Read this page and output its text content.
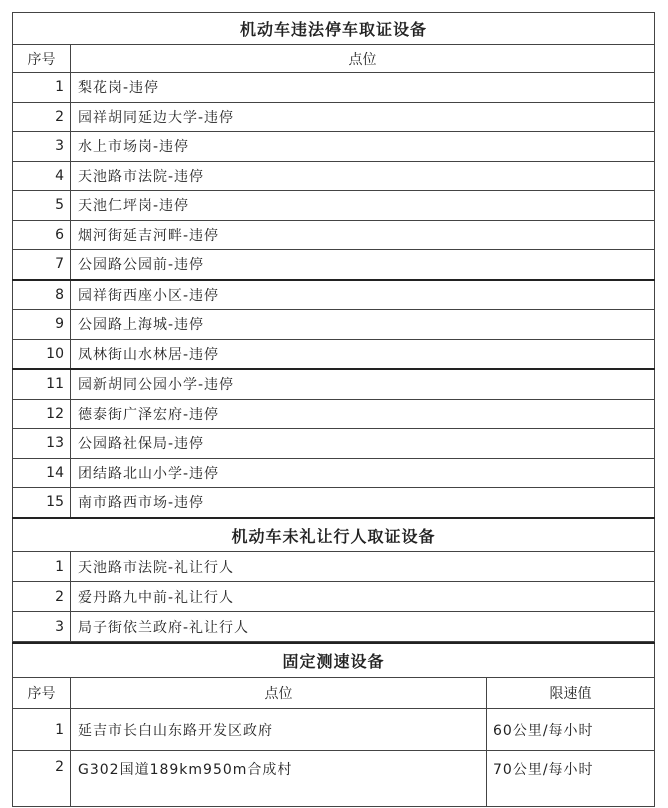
机动车违法停车取证设备	
序号	点位
1	梨花岗-违停
2	园祥胡同延边大学-违停
3	水上市场岗-违停
4	天池路市法院-违停
5	天池仁坪岗-违停
6	烟河街延吉河畔-违停
7	公园路公园前-违停
8	园祥街西座小区-违停
9	公园路上海城-违停
10	凤林街山水林居-违停
11	园新胡同公园小学-违停
12	德泰街广泽宏府-违停
13	公园路社保局-违停
14	团结路北山小学-违停
15	南市路西市场-违停
机动车未礼让行人取证设备	
1	天池路市法院-礼让行人
2	爱丹路九中前-礼让行人
3	局子街依兰政府-礼让行人
固定测速设备		
序号	点位	限速值
1	延吉市长白山东路开发区政府	60公里/每小时
2	G302国道189km950m合成村	70公里/每小时
